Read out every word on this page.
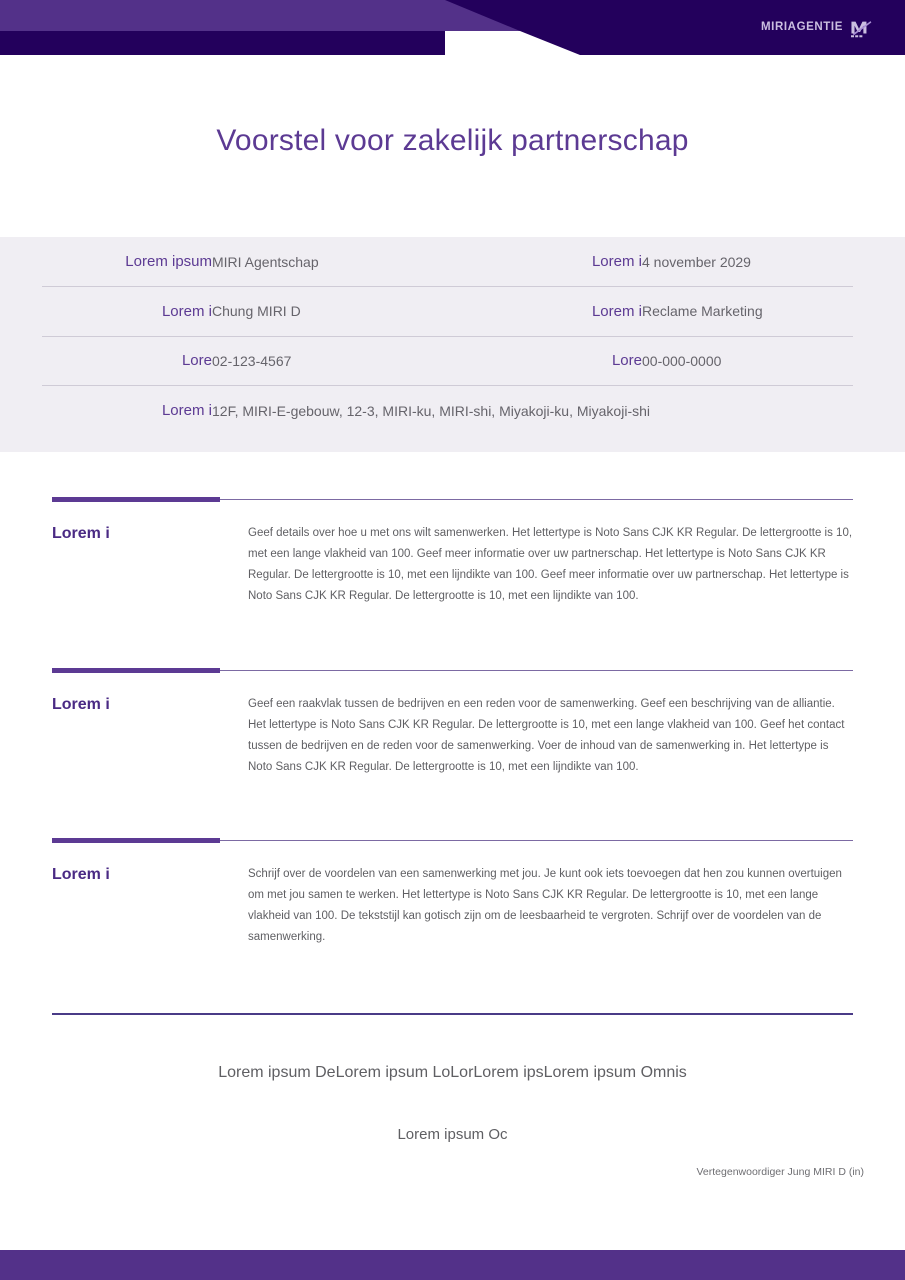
MIRIAGENTIE
Voorstel voor zakelijk partnerschap
Lorem ipsum	MIRI Agentschap	Lorem i	4 november 2029
Lorem i	Chung MIRI D	Lorem i	Reclame Marketing
Lore	02-123-4567	Lore	00-000-0000
Lorem i	12F, MIRI-E-gebouw, 12-3, MIRI-ku, MIRI-shi, Miyakoji-ku, Miyakoji-shi		
Lorem i	Geef details over hoe u met ons wilt samenwerken. Het lettertype is Noto Sans CJK KR Regular. De lettergrootte is 10, met een lange vlakheid van 100. Geef meer informatie over uw partnerschap. Het lettertype is Noto Sans CJK KR Regular. De lettergrootte is 10, met een lijndikte van 100. Geef meer informatie over uw partnerschap. Het lettertype is Noto Sans CJK KR Regular. De lettergrootte is 10, met een lijndikte van 100.
Lorem i	Geef een raakvlak tussen de bedrijven en een reden voor de samenwerking. Geef een beschrijving van de alliantie. Het lettertype is Noto Sans CJK KR Regular. De lettergrootte is 10, met een lange vlakheid van 100. Geef het contact tussen de bedrijven en de reden voor de samenwerking. Voer de inhoud van de samenwerking in. Het lettertype is Noto Sans CJK KR Regular. De lettergrootte is 10, met een lijndikte van 100.
Lorem i	Schrijf over de voordelen van een samenwerking met jou. Je kunt ook iets toevoegen dat hen zou kunnen overtuigen om met jou samen te werken. Het lettertype is Noto Sans CJK KR Regular. De lettergrootte is 10, met een lange vlakheid van 100. De tekststijl kan gotisch zijn om de leesbaarheid te vergroten. Schrijf over de voordelen van de samenwerking.
Lorem ipsum DeLorem ipsum LoLorLorem ipsLorem ipsum Omnis
Lorem ipsum Oc
Vertegenwoordiger Jung MIRI D (in)
